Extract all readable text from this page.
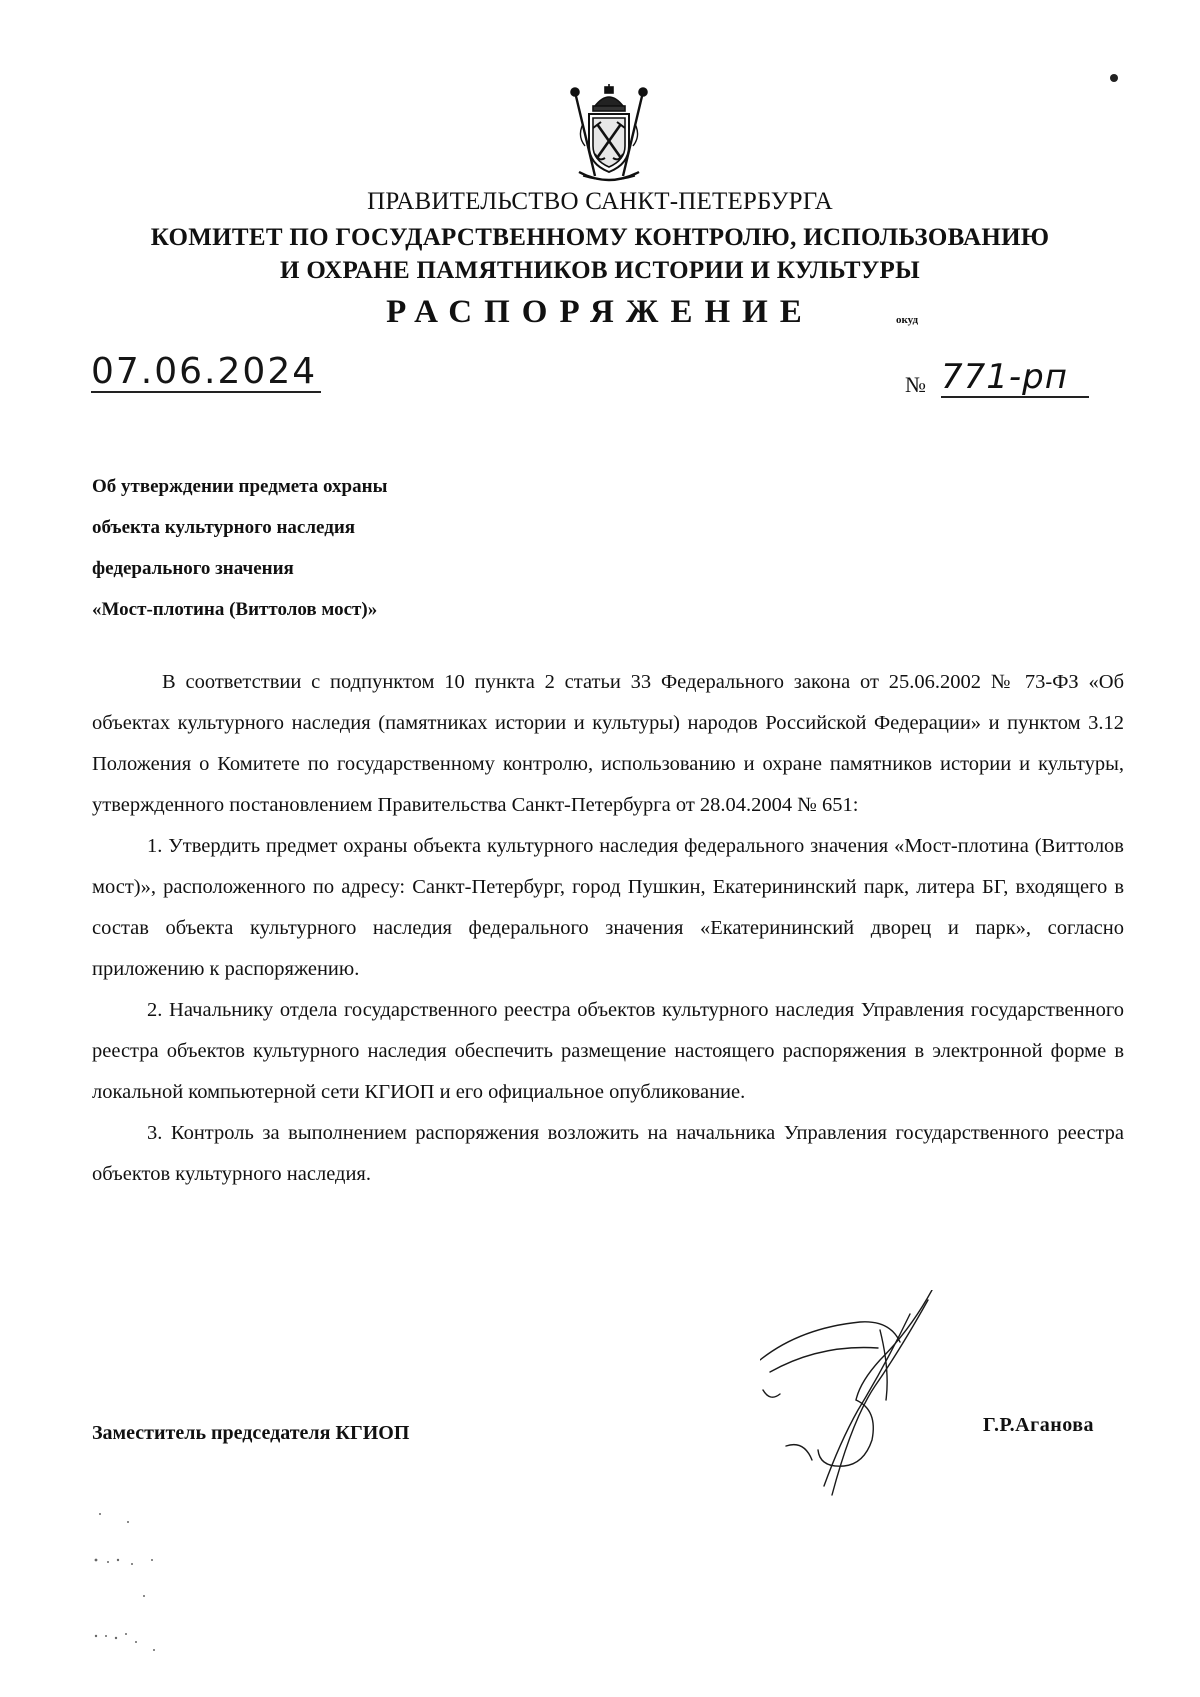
ПРАВИТЕЛЬСТВО САНКТ-ПЕТЕРБУРГА
КОМИТЕТ ПО ГОСУДАРСТВЕННОМУ КОНТРОЛЮ, ИСПОЛЬЗОВАНИЮ
И ОХРАНЕ ПАМЯТНИКОВ ИСТОРИИ И КУЛЬТУРЫ
РАСПОРЯЖЕНИЕ	окуд
07.06.2024	№ 771-рп
Об утверждении предмета охраны
объекта культурного наследия
федерального значения
«Мост-плотина (Виттолов мост)»

В соответствии с подпунктом 10 пункта 2 статьи 33 Федерального закона от 25.06.2002 № 73-ФЗ «Об объектах культурного наследия (памятниках истории и культуры) народов Российской Федерации» и пунктом 3.12 Положения о Комитете по государственному контролю, использованию и охране памятников истории и культуры, утвержденного постановлением Правительства Санкт-Петербурга от 28.04.2004 № 651:

1. Утвердить предмет охраны объекта культурного наследия федерального значения «Мост-плотина (Виттолов мост)», расположенного по адресу: Санкт-Петербург, город Пушкин, Екатерининский парк, литера БГ, входящего в состав объекта культурного наследия федерального значения «Екатерининский дворец и парк», согласно приложению к распоряжению.

2. Начальнику отдела государственного реестра объектов культурного наследия Управления государственного реестра объектов культурного наследия обеспечить размещение настоящего распоряжения в электронной форме в локальной компьютерной сети КГИОП и его официальное опубликование.

3. Контроль за выполнением распоряжения возложить на начальника Управления государственного реестра объектов культурного наследия.

Заместитель председателя КГИОП	Г.Р.Аганова
